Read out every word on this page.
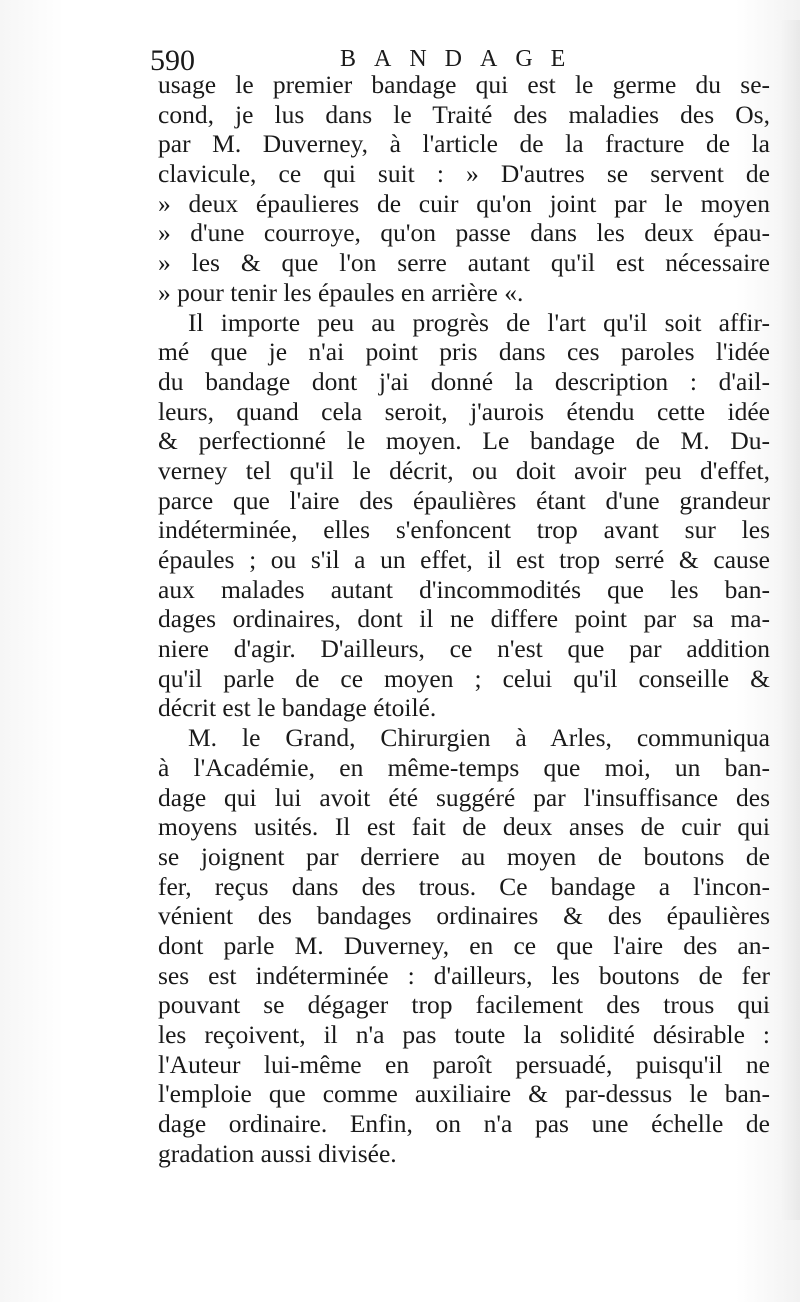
590	BANDAGE
usage le premier bandage qui est le germe du se-
cond, je lus dans le Traité des maladies des Os,
par M. Duverney, à l'article de la fracture de la
clavicule, ce qui suit : » D'autres se servent de
» deux épaulieres de cuir qu'on joint par le moyen
» d'une courroye, qu'on passe dans les deux épau-
» les & que l'on serre autant qu'il est nécessaire
» pour tenir les épaules en arrière «.
Il importe peu au progrès de l'art qu'il soit affir-
mé que je n'ai point pris dans ces paroles l'idée
du bandage dont j'ai donné la description : d'ail-
leurs, quand cela seroit, j'aurois étendu cette idée
& perfectionné le moyen. Le bandage de M. Du-
verney tel qu'il le décrit, ou doit avoir peu d'effet,
parce que l'aire des épaulières étant d'une grandeur
indéterminée, elles s'enfoncent trop avant sur les
épaules ; ou s'il a un effet, il est trop serré & cause
aux malades autant d'incommodités que les ban-
dages ordinaires, dont il ne differe point par sa ma-
niere d'agir. D'ailleurs, ce n'est que par addition
qu'il parle de ce moyen ; celui qu'il conseille &
décrit est le bandage étoilé.
M. le Grand, Chirurgien à Arles, communiqua
à l'Académie, en même-temps que moi, un ban-
dage qui lui avoit été suggéré par l'insuffisance des
moyens usités. Il est fait de deux anses de cuir qui
se joignent par derriere au moyen de boutons de
fer, reçus dans des trous. Ce bandage a l'incon-
vénient des bandages ordinaires & des épaulières
dont parle M. Duverney, en ce que l'aire des an-
ses est indéterminée : d'ailleurs, les boutons de fer
pouvant se dégager trop facilement des trous qui
les reçoivent, il n'a pas toute la solidité désirable :
l'Auteur lui-même en paroît persuadé, puisqu'il ne
l'emploie que comme auxiliaire & par-dessus le ban-
dage ordinaire. Enfin, on n'a pas une échelle de
gradation aussi divisée.
